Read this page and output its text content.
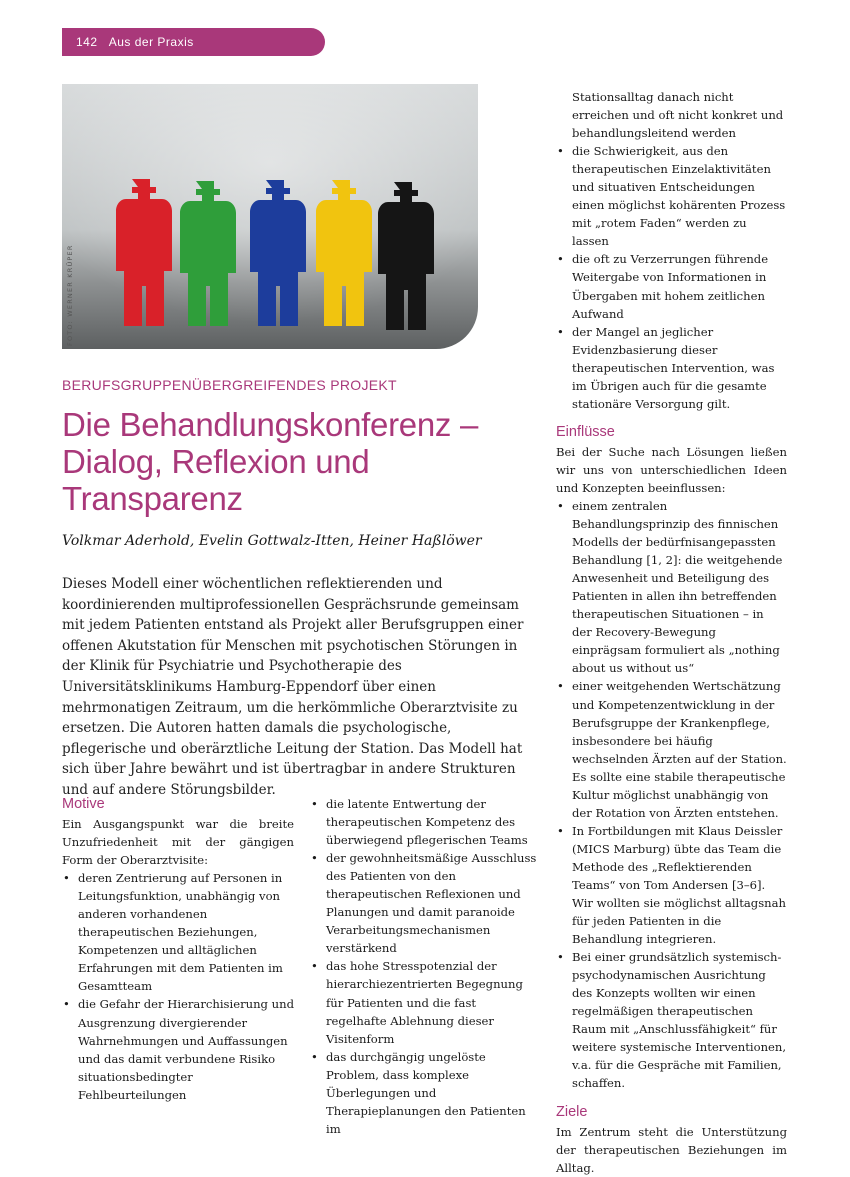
142 Aus der Praxis
FOTO: WERNER KRÜPER
BERUFSGRUPPENÜBERGREIFENDES PROJEKT
Die Behandlungskonferenz – Dialog, Reflexion und Transparenz
Volkmar Aderhold, Evelin Gottwalz-Itten, Heiner Haßlöwer

Dieses Modell einer wöchentlichen reflektierenden und koordinierenden multiprofessionellen Gesprächsrunde gemeinsam mit jedem Patienten entstand als Projekt aller Berufsgruppen einer offenen Akutstation für Menschen mit psychotischen Störungen in der Klinik für Psychiatrie und Psychotherapie des Universitätsklinikums Hamburg-Eppendorf über einen mehrmonatigen Zeitraum, um die herkömmliche Oberarztvisite zu ersetzen. Die Autoren hatten damals die psychologische, pflegerische und oberärztliche Leitung der Station. Das Modell hat sich über Jahre bewährt und ist übertragbar in andere Strukturen und auf andere Störungsbilder.

Motive

Ein Ausgangspunkt war die breite Unzufriedenheit mit der gängigen Form der Oberarztvisite:

• deren Zentrierung auf Personen in Leitungsfunktion, unabhängig von anderen vorhandenen therapeutischen Beziehungen, Kompetenzen und alltäglichen Erfahrungen mit dem Patienten im Gesamtteam
• die Gefahr der Hierarchisierung und Ausgrenzung divergierender Wahrnehmungen und Auffassungen und das damit verbundene Risiko situationsbedingter Fehlbeurteilungen
• die latente Entwertung der therapeutischen Kompetenz des überwiegend pflegerischen Teams
• der gewohnheitsmäßige Ausschluss des Patienten von den therapeutischen Reflexionen und Planungen und damit paranoide Verarbeitungsmechanismen verstärkend
• das hohe Stresspotenzial der hierarchiezentrierten Begegnung für Patienten und die fast regelhafte Ablehnung dieser Visitenform
• das durchgängig ungelöste Problem, dass komplexe Überlegungen und Therapieplanungen den Patienten im

Stationsalltag danach nicht erreichen und oft nicht konkret und behandlungsleitend werden

• die Schwierigkeit, aus den therapeutischen Einzelaktivitäten und situativen Entscheidungen einen möglichst kohärenten Prozess mit „rotem Faden“ werden zu lassen
• die oft zu Verzerrungen führende Weitergabe von Informationen in Übergaben mit hohem zeitlichen Aufwand
• der Mangel an jeglicher Evidenzbasierung dieser therapeutischen Intervention, was im Übrigen auch für die gesamte stationäre Versorgung gilt.
Einflüsse

Bei der Suche nach Lösungen ließen wir uns von unterschiedlichen Ideen und Konzepten beeinflussen:

• einem zentralen Behandlungsprinzip des finnischen Modells der bedürfnisangepassten Behandlung [1, 2]: die weitgehende Anwesenheit und Beteiligung des Patienten in allen ihn betreffenden therapeutischen Situationen – in der Recovery-Bewegung einprägsam formuliert als „nothing about us without us“
• einer weitgehenden Wertschätzung und Kompetenzentwicklung in der Berufsgruppe der Krankenpflege, insbesondere bei häufig wechselnden Ärzten auf der Station. Es sollte eine stabile therapeutische Kultur möglichst unabhängig von der Rotation von Ärzten entstehen.
• In Fortbildungen mit Klaus Deissler (MICS Marburg) übte das Team die Methode des „Reflektierenden Teams“ von Tom Andersen [3–6]. Wir wollten sie möglichst alltagsnah für jeden Patienten in die Behandlung integrieren.
• Bei einer grundsätzlich systemisch-psychodynamischen Ausrichtung des Konzepts wollten wir einen regelmäßigen therapeutischen Raum mit „Anschlussfähigkeit“ für weitere systemische Interventionen, v.a. für die Gespräche mit Familien, schaffen.
Ziele

Im Zentrum steht die Unterstützung der therapeutischen Beziehungen im Alltag.
